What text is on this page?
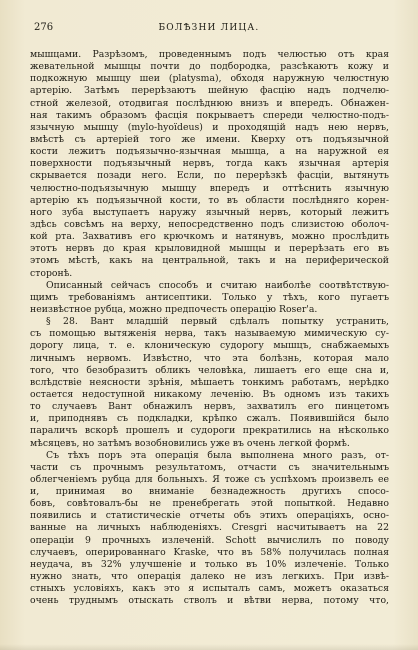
276	БОЛѢЗНИ ЛИЦА.
мышцами. Разрѣзомъ, проведеннымъ подъ челюстью отъ края
жевательной мышцы почти до подбородка, разсѣкаютъ кожу и
подкожную мышцу шеи (platysma), обходя наружную челюстную
артерію. Затѣмъ перерѣзаютъ шейную фасцію надъ подчелю-
стной железой, отодвигая послѣднюю внизъ и впередъ. Обнажен-
ная такимъ образомъ фасція покрываетъ спереди челюстно-подъ-
язычную мышцу (mylo-hyoïdeus) и проходящій надъ нею нервъ,
вмѣстѣ съ артеріей того же имени. Кверху отъ подъязычной
кости лежитъ подъязычно-язычная мышца, а на наружной ея
поверхности подъязычный нервъ, тогда какъ язычная артерія
скрывается позади него. Если, по перерѣзкѣ фасціи, вытянуть
челюстно-подъязычную мышцу впередъ и оттѣснить язычную
артерію къ подъязычной кости, то въ области послѣдняго корен-
ного зуба выступаетъ наружу язычный нервъ, который лежитъ
здѣсь совсѣмъ на верху, непосредственно подъ слизистою оболоч-
кой рта. Захвативъ его крючкомъ и натянувъ, можно прослѣдить
этотъ нервъ до края крыловидной мышцы и перерѣзать его въ
этомъ мѣстѣ, какъ на центральной, такъ и на периферической
сторонѣ.
Описанный сейчасъ способъ и считаю наиболѣе соотвѣтствую-
щимъ требованіямъ антисептики. Только у тѣхъ, кого пугаетъ
неизвѣстное рубца, можно предпочесть операцію Roser'а.
§ 28. Вант младшій первый сдѣлалъ попытку устранить,
съ помощью вытяженія нерва, такъ называемую мимическую су-
дорогу лица, т. е. клоническую судорогу мышцъ, снабжаемыхъ
личнымъ нервомъ. Извѣстно, что эта болѣзнь, которая мало
того, что безобразитъ обликъ человѣка, лишаетъ его еще сна и,
вслѣдствіе неясности зрѣнія, мѣшаетъ тонкимъ работамъ, нерѣдко
остается недоступной никакому леченію. Въ одномъ изъ такихъ
то случаевъ Вант обнажилъ нервъ, захватилъ его пинцетомъ
и, приподнявъ съ подкладки, крѣпко сжалъ. Появившійся было
параличъ вскорѣ прошелъ и судороги прекратились на нѣсколько
мѣсяцевъ, но затѣмъ возобновились уже въ очень легкой формѣ.
Съ тѣхъ поръ эта операція была выполнена много разъ, от-
части съ прочнымъ результатомъ, отчасти съ значительнымъ
облегченіемъ рубца для больныхъ. Я тоже съ успѣхомъ произвелъ ее
и, принимая во вниманіе безнадежность другихъ спосо-
бовъ, совѣтовалъ-бы не пренебрегать этой попыткой. Недавно
появились и статистическіе отчеты объ этихъ операціяхъ, осно-
ванные на личныхъ наблюденіяхъ. Cresgri насчитываетъ на 22
операціи 9 прочныхъ излеченій. Schott вычислилъ по поводу
случаевъ, оперированнаго Kraske, что въ 58% получилась полная
неудача, въ 32% улучшеніе и только въ 10% излеченіе. Только
нужно знать, что операція далеко не изъ легкихъ. При извѣ-
стныхъ условіяхъ, какъ это я испыталъ самъ, можетъ оказаться
очень труднымъ отыскать стволъ и вѣтви нерва, потому что,
